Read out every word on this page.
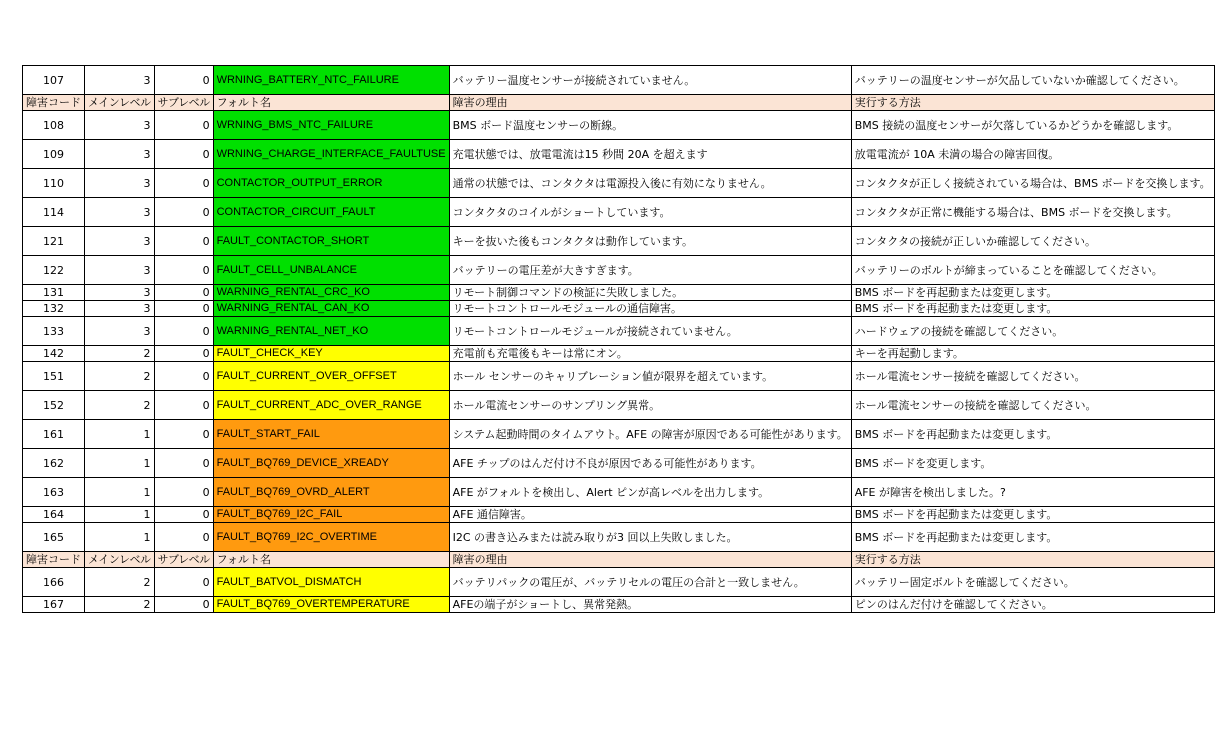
107	3	0	WRNING_BATTERY_NTC_FAILURE	バッテリー温度センサーが接続されていません。	バッテリーの温度センサーが欠品していないか確認してください。
障害コード	メインレベル	サブレベル	フォルト名	障害の理由	実行する方法
108	3	0	WRNING_BMS_NTC_FAILURE	BMS ボード温度センサーの断線。	BMS 接続の温度センサーが欠落しているかどうかを確認します。
109	3	0	WRNING_CHARGE_INTERFACE_FAULTUSE	充電状態では、放電電流は15 秒間 20A を超えます	放電電流が 10A 未満の場合の障害回復。
110	3	0	CONTACTOR_OUTPUT_ERROR	通常の状態では、コンタクタは電源投入後に有効になりません。	コンタクタが正しく接続されている場合は、BMS ボードを交換します。
114	3	0	CONTACTOR_CIRCUIT_FAULT	コンタクタのコイルがショートしています。	コンタクタが正常に機能する場合は、BMS ボードを交換します。
121	3	0	FAULT_CONTACTOR_SHORT	キーを抜いた後もコンタクタは動作しています。	コンタクタの接続が正しいか確認してください。
122	3	0	FAULT_CELL_UNBALANCE	バッテリーの電圧差が大きすぎます。	バッテリーのボルトが締まっていることを確認してください。
131	3	0	WARNING_RENTAL_CRC_KO	リモート制御コマンドの検証に失敗しました。	BMS ボードを再起動または変更します。
132	3	0	WARNING_RENTAL_CAN_KO	リモートコントロールモジュールの通信障害。	BMS ボードを再起動または変更します。
133	3	0	WARNING_RENTAL_NET_KO	リモートコントロールモジュールが接続されていません。	ハードウェアの接続を確認してください。
142	2	0	FAULT_CHECK_KEY	充電前も充電後もキーは常にオン。	キーを再起動します。
151	2	0	FAULT_CURRENT_OVER_OFFSET	ホール センサーのキャリブレーション値が限界を超えています。	ホール電流センサー接続を確認してください。
152	2	0	FAULT_CURRENT_ADC_OVER_RANGE	ホール電流センサーのサンプリング異常。	ホール電流センサーの接続を確認してください。
161	1	0	FAULT_START_FAIL	システム起動時間のタイムアウト。AFE の障害が原因である可能性があります。	BMS ボードを再起動または変更します。
162	1	0	FAULT_BQ769_DEVICE_XREADY	AFE チップのはんだ付け不良が原因である可能性があります。	BMS ボードを変更します。
163	1	0	FAULT_BQ769_OVRD_ALERT	AFE がフォルトを検出し、Alert ピンが高レベルを出力します。	AFE が障害を検出しました。?
164	1	0	FAULT_BQ769_I2C_FAIL	AFE 通信障害。	BMS ボードを再起動または変更します。
165	1	0	FAULT_BQ769_I2C_OVERTIME	I2C の書き込みまたは読み取りが3 回以上失敗しました。	BMS ボードを再起動または変更します。
障害コード	メインレベル	サブレベル	フォルト名	障害の理由	実行する方法
166	2	0	FAULT_BATVOL_DISMATCH	バッテリパックの電圧が、バッテリセルの電圧の合計と一致しません。	バッテリー固定ボルトを確認してください。
167	2	0	FAULT_BQ769_OVERTEMPERATURE	AFEの端子がショートし、異常発熱。	ピンのはんだ付けを確認してください。
